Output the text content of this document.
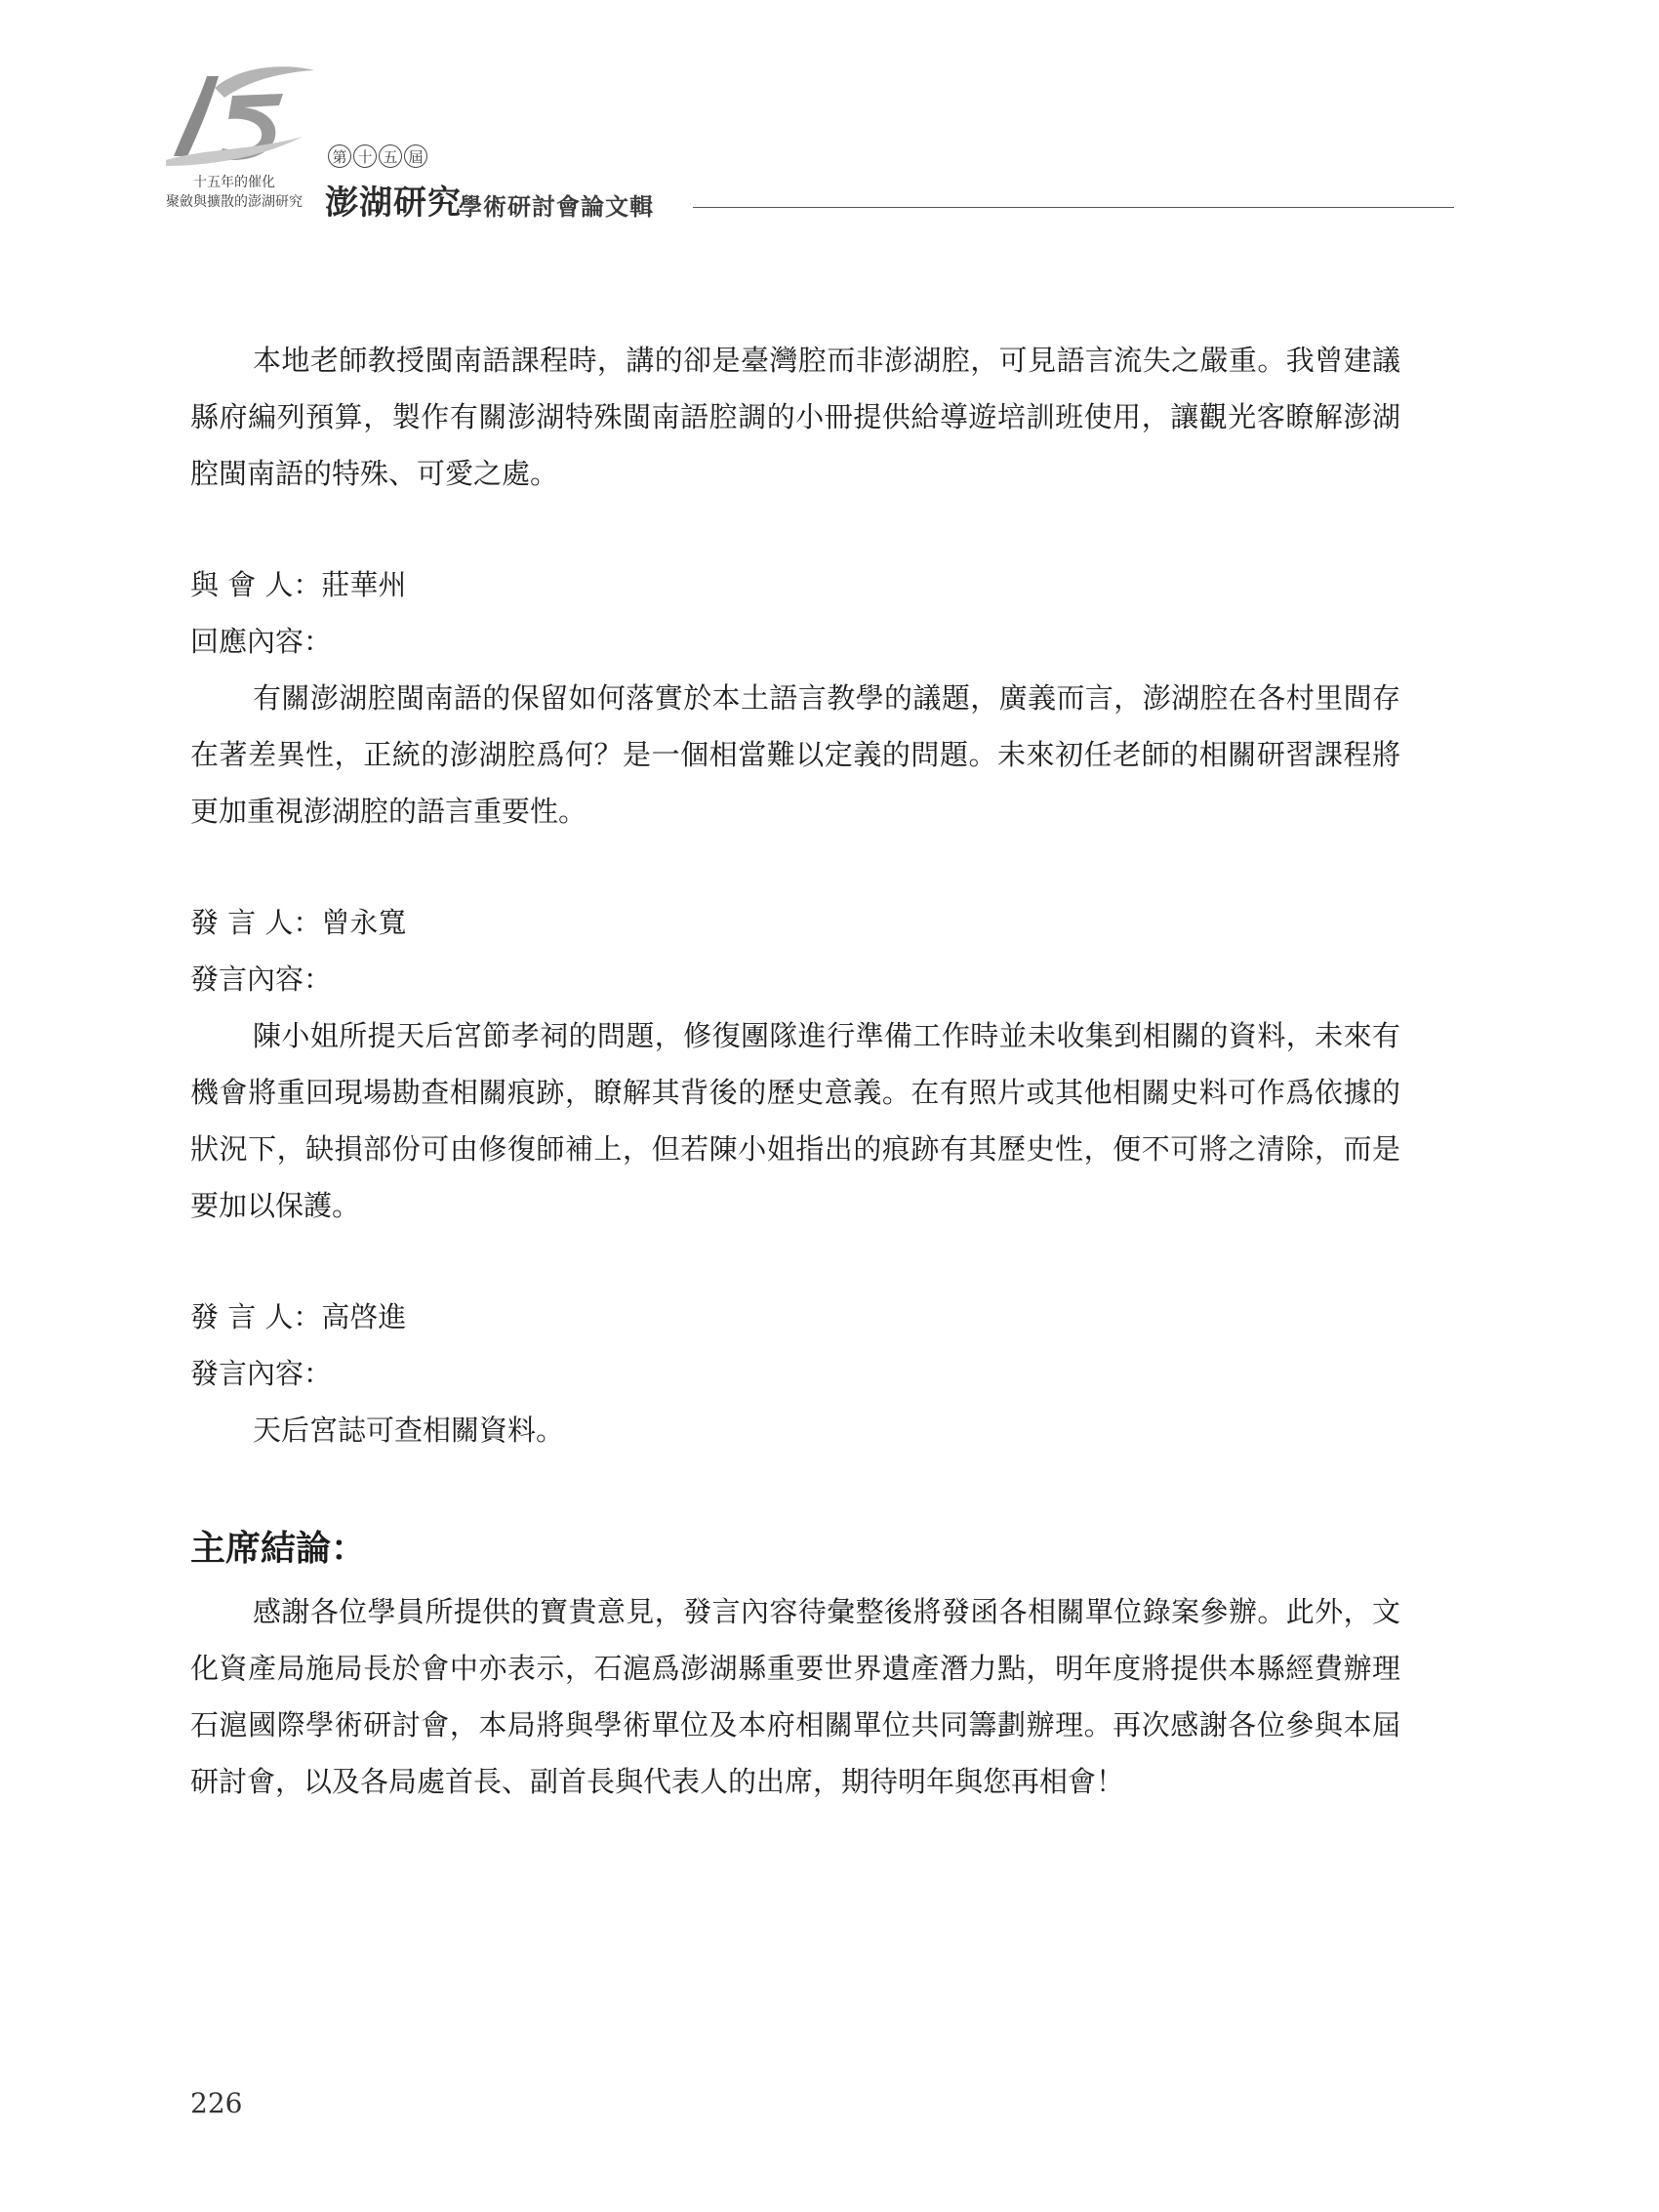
十五年的催化
聚斂與擴散的澎湖研究
第 十 五 屆
澎湖研究
學術研討會論文輯

本地老師教授閩南語課程時，講的卻是臺灣腔而非澎湖腔，可見語言流失之嚴重。我曾建議縣府編列預算，製作有關澎湖特殊閩南語腔調的小冊提供給導遊培訓班使用，讓觀光客瞭解澎湖腔閩南語的特殊、可愛之處。

與 會 人：莊華州

回應內容：

有關澎湖腔閩南語的保留如何落實於本土語言教學的議題，廣義而言，澎湖腔在各村里間存在著差異性，正統的澎湖腔爲何？是一個相當難以定義的問題。未來初任老師的相關研習課程將更加重視澎湖腔的語言重要性。

發 言 人：曾永寬

發言內容：

陳小姐所提天后宮節孝祠的問題，修復團隊進行準備工作時並未收集到相關的資料，未來有機會將重回現場勘查相關痕跡，瞭解其背後的歷史意義。在有照片或其他相關史料可作爲依據的狀況下，缺損部份可由修復師補上，但若陳小姐指出的痕跡有其歷史性，便不可將之清除，而是要加以保護。

發 言 人：高啓進

發言內容：

天后宮誌可查相關資料。

主席結論：

感謝各位學員所提供的寶貴意見，發言內容待彙整後將發函各相關單位錄案參辦。此外，文化資產局施局長於會中亦表示，石滬爲澎湖縣重要世界遺產潛力點，明年度將提供本縣經費辦理石滬國際學術研討會，本局將與學術單位及本府相關單位共同籌劃辦理。再次感謝各位參與本屆研討會，以及各局處首長、副首長與代表人的出席，期待明年與您再相會！

226
